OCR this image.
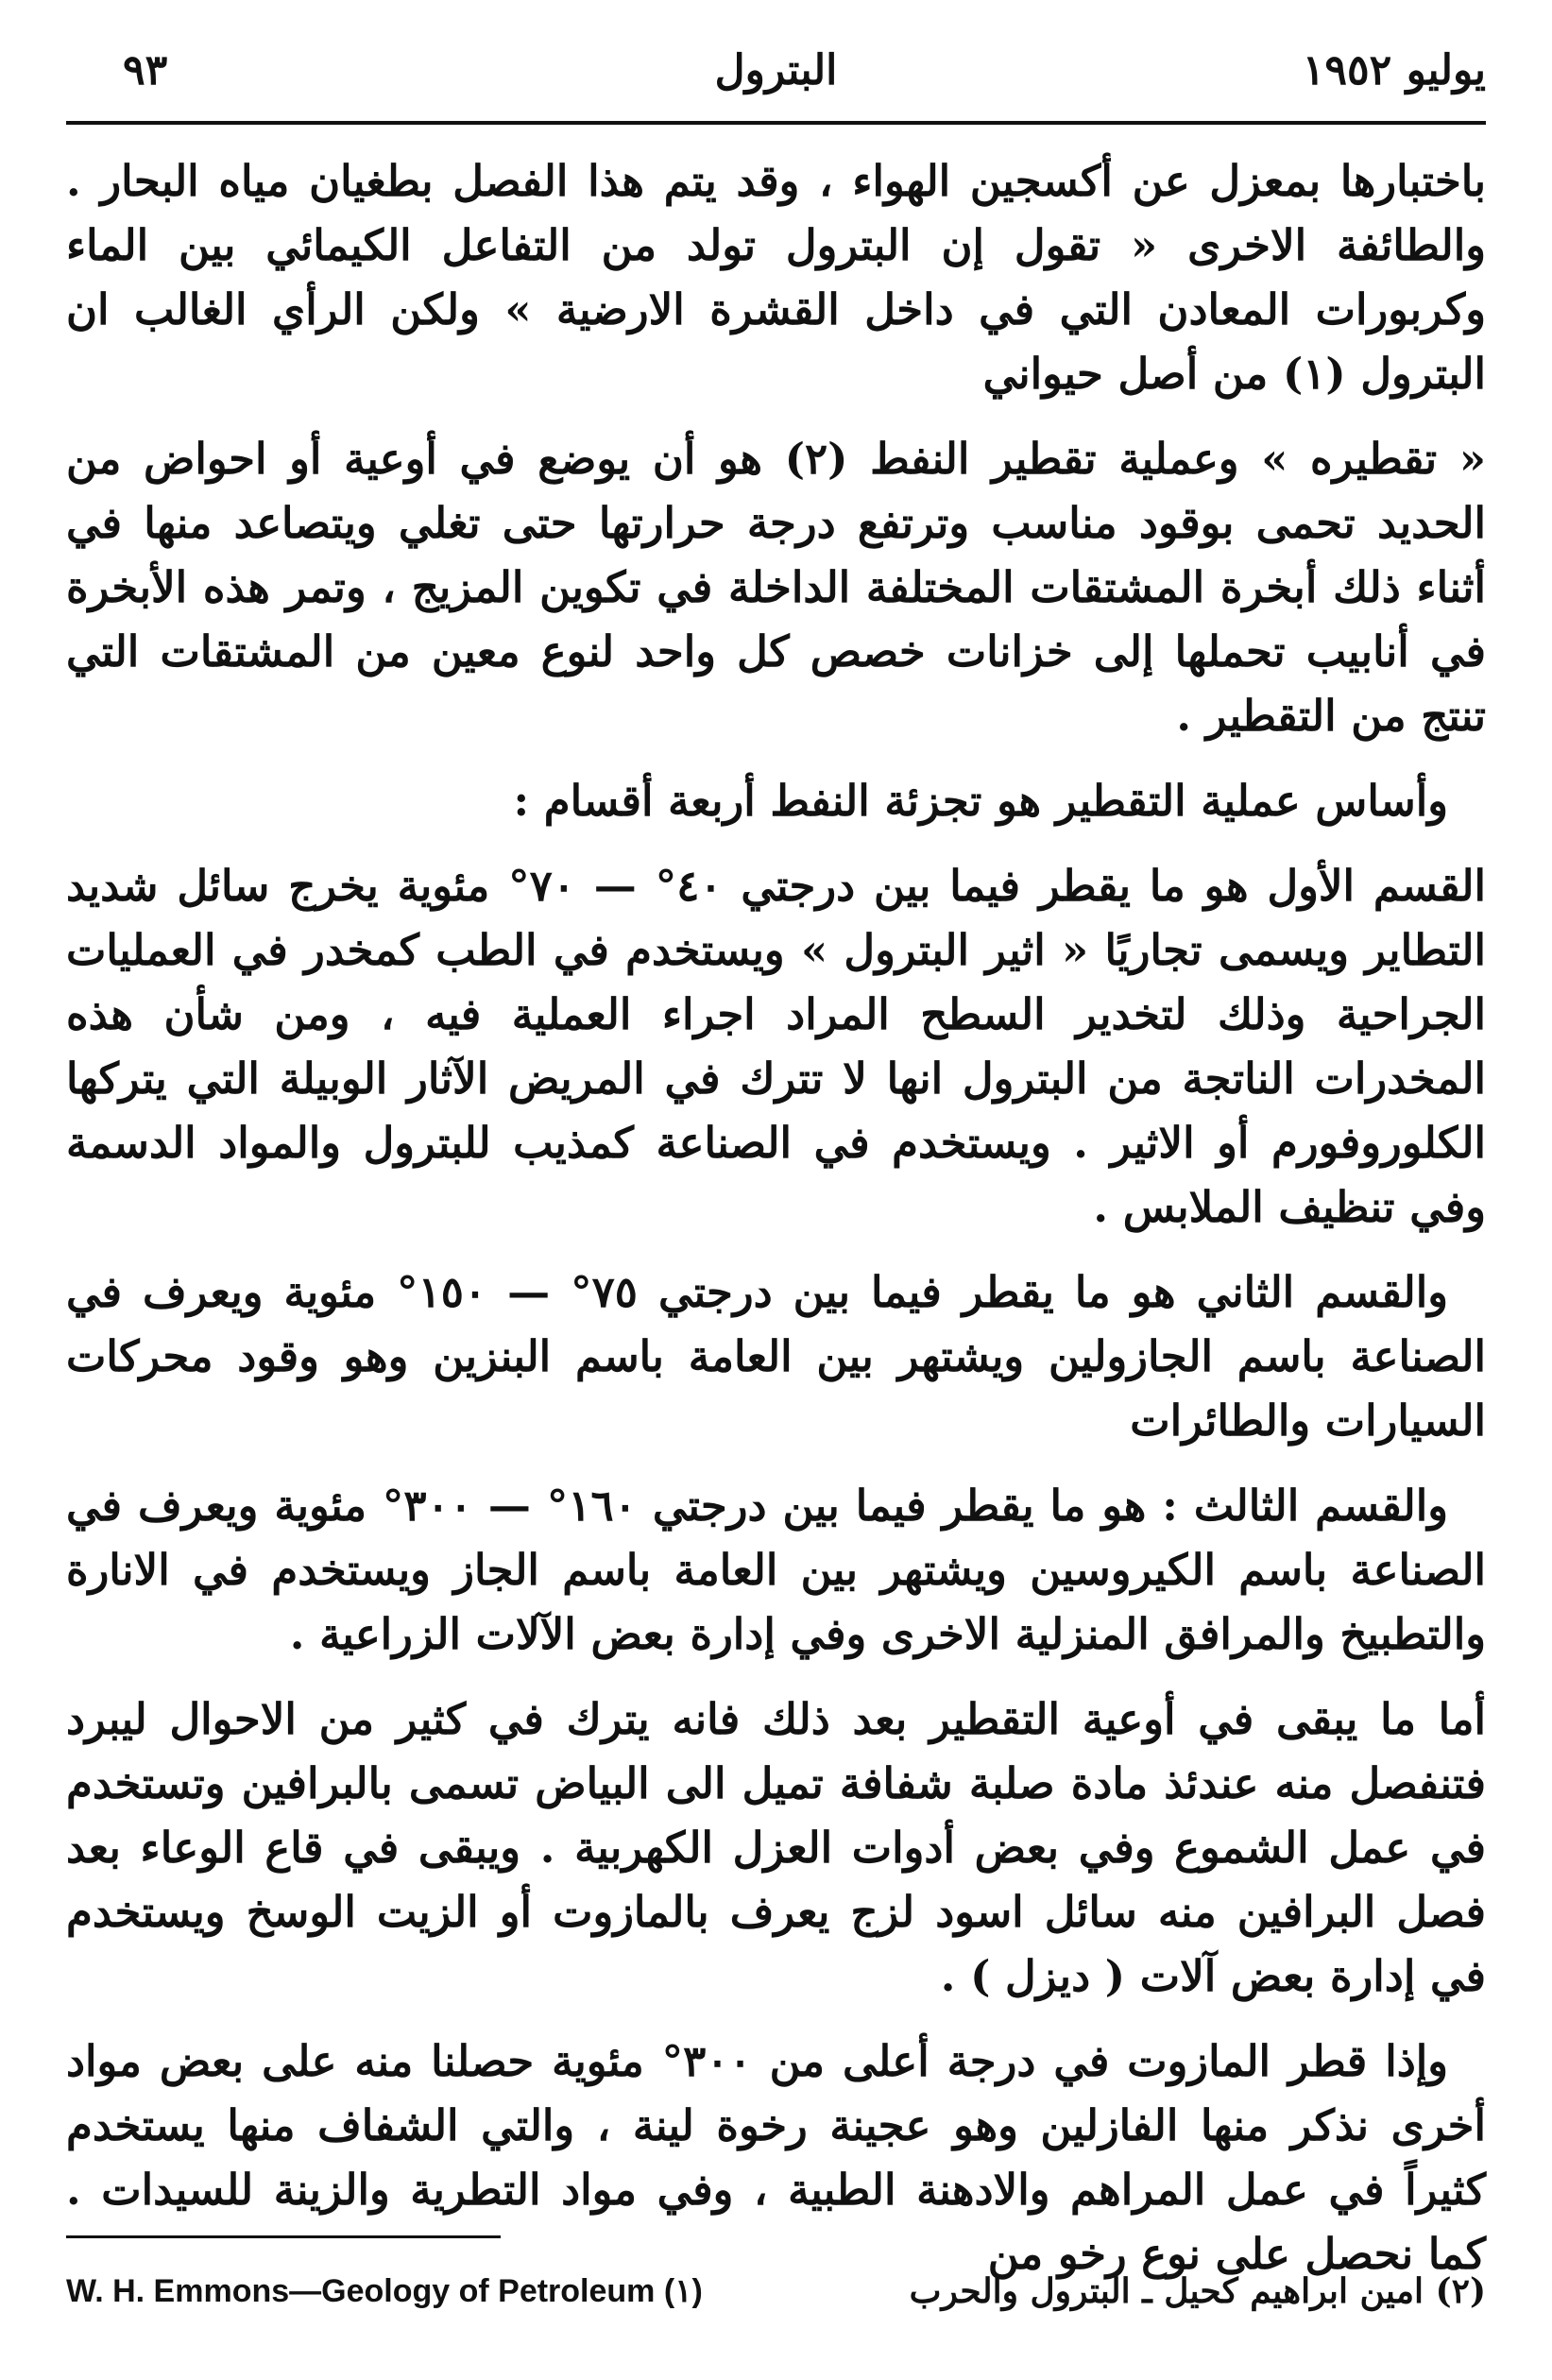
يوليو ١٩٥٢
البترول
٩٣

باختبارها بمعزل عن أكسجين الهواء ، وقد يتم هذا الفصل بطغيان مياه البحار . والطائفة الاخرى « تقول إن البترول تولد من التفاعل الكيمائي بين الماء وكربورات المعادن التي في داخل القشرة الارضية » ولكن الرأي الغالب ان البترول (١) من أصل حيواني

« تقطيره » وعملية تقطير النفط (٢) هو أن يوضع في أوعية أو احواض من الحديد تحمى بوقود مناسب وترتفع درجة حرارتها حتى تغلي ويتصاعد منها في أثناء ذلك أبخرة المشتقات المختلفة الداخلة في تكوين المزيج ، وتمر هذه الأبخرة في أنابيب تحملها إلى خزانات خصص كل واحد لنوع معين من المشتقات التي تنتج من التقطير .

وأساس عملية التقطير هو تجزئة النفط أربعة أقسام :

القسم الأول هو ما يقطر فيما بين درجتي ٤٠° — ٧٠° مئوية يخرج سائل شديد التطاير ويسمى تجاريًا « اثير البترول » ويستخدم في الطب كمخدر في العمليات الجراحية وذلك لتخدير السطح المراد اجراء العملية فيه ، ومن شأن هذه المخدرات الناتجة من البترول انها لا تترك في المريض الآثار الوبيلة التي يتركها الكلوروفورم أو الاثير . ويستخدم في الصناعة كمذيب للبترول والمواد الدسمة وفي تنظيف الملابس .

والقسم الثاني هو ما يقطر فيما بين درجتي ٧٥° — ١٥٠° مئوية ويعرف في الصناعة باسم الجازولين ويشتهر بين العامة باسم البنزين وهو وقود محركات السيارات والطائرات

والقسم الثالث : هو ما يقطر فيما بين درجتي ١٦٠° — ٣٠٠° مئوية ويعرف في الصناعة باسم الكيروسين ويشتهر بين العامة باسم الجاز ويستخدم في الانارة والتطبيخ والمرافق المنزلية الاخرى وفي إدارة بعض الآلات الزراعية .

أما ما يبقى في أوعية التقطير بعد ذلك فانه يترك في كثير من الاحوال ليبرد فتنفصل منه عندئذ مادة صلبة شفافة تميل الى البياض تسمى بالبرافين وتستخدم في عمل الشموع وفي بعض أدوات العزل الكهربية . ويبقى في قاع الوعاء بعد فصل البرافين منه سائل اسود لزج يعرف بالمازوت أو الزيت الوسخ ويستخدم في إدارة بعض آلات ( ديزل ) .

وإذا قطر المازوت في درجة أعلى من ٣٠٠° مئوية حصلنا منه على بعض مواد أخرى نذكر منها الفازلين وهو عجينة رخوة لينة ، والتي الشفاف منها يستخدم كثيراً في عمل المراهم والادهنة الطبية ، وفي مواد التطرية والزينة للسيدات . كما نحصل على نوع رخو من

(٢) امين ابراهيم كحيل ـ البترول والحرب
W. H. Emmons—Geology of Petroleum (١)
